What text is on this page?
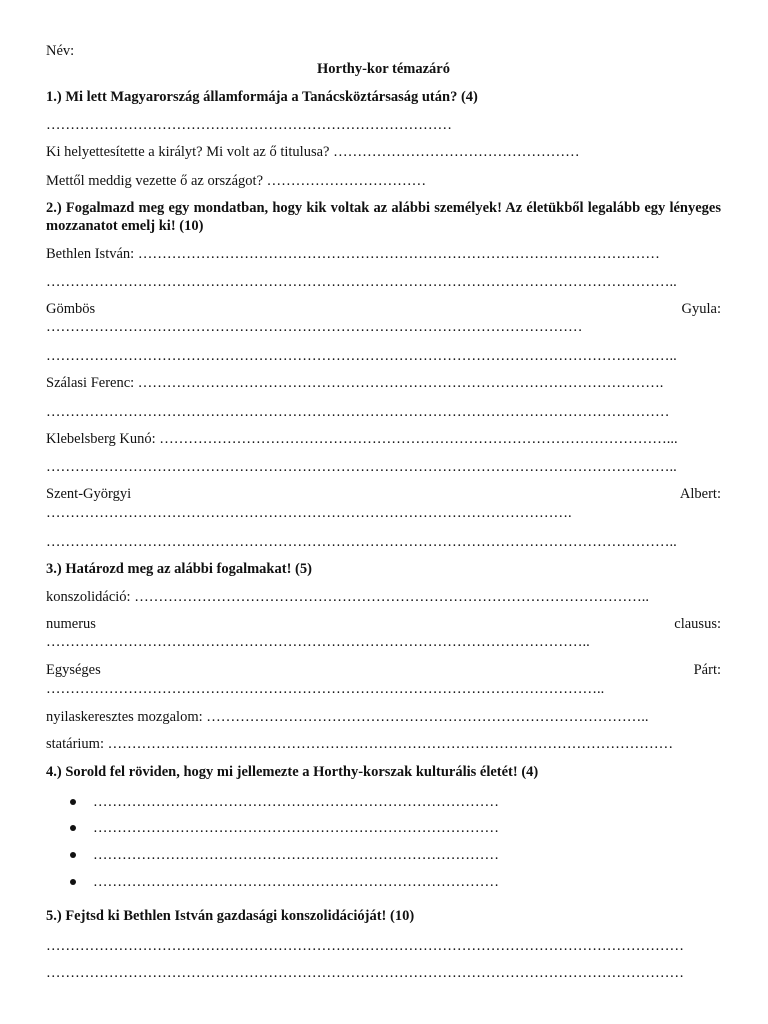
Név:
Horthy-kor témazáró
1.) Mi lett Magyarország államformája a Tanácsköztársaság után? (4)
…………………………………………………………………………
Ki helyettesítette a királyt? Mi volt az ő titulusa? ……………………………………………
Mettől meddig vezette ő az országot? ……………………………
2.) Fogalmazd meg egy mondatban, hogy kik voltak az alábbi személyek! Az életükből legalább egy lényeges mozzanatot emelj ki! (10)
Bethlen István: ………………………………………………………………………………………………
…………………………………………………………………………………………………………………..
Gömbös	Gyula:
…………………………………………………………………………………………………
…………………………………………………………………………………………………………………..
Szálasi Ferenc: ……………………………………………………………………………………………….
…………………………………………………………………………………………………………………
Klebelsberg Kunó: ……………………………………………………………………………………………...
…………………………………………………………………………………………………………………..
Szent-Györgyi	Albert:
……………………………………………………………………………………………….
…………………………………………………………………………………………………………………..
3.) Határozd meg az alábbi fogalmakat! (5)
konszolidáció: ……………………………………………………………………………………………..
numerus	clausus:
…………………………………………………………………………………………………..
Egységes	Párt:
……………………………………………………………………………………………………..
nyilaskeresztes mozgalom: ………………………………………………………………………………..
statárium: ………………………………………………………………………………………………………
4.) Sorold fel röviden, hogy mi jellemezte a Horthy-korszak kulturális életét! (4)
…………………………………………………………………………
…………………………………………………………………………
…………………………………………………………………………
…………………………………………………………………………
5.) Fejtsd ki Bethlen István gazdasági konszolidációját! (10)
……………………………………………………………………………………………………………………
……………………………………………………………………………………………………………………
